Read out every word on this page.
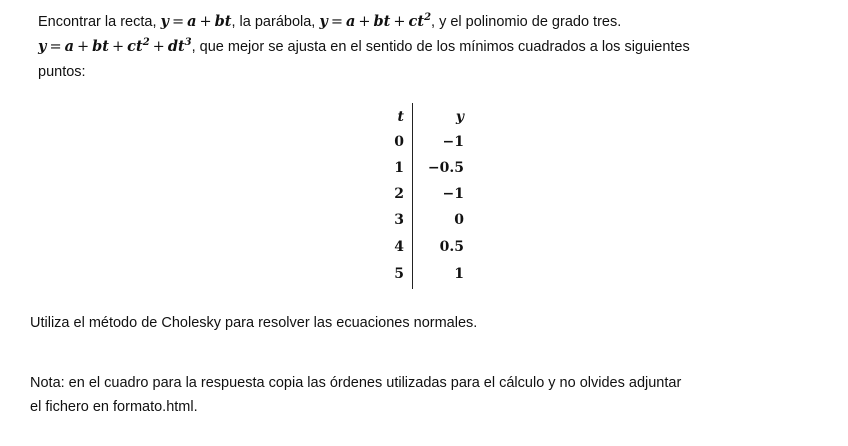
Encontrar la recta, y = a + bt, la parábola, y = a + bt + $ct^2$, y el polinomio de grado tres.
y = a + bt + $ct^2 + dt^3$, que mejor se ajusta en el sentido de los mínimos cuadrados a los siguientes
puntos:
t	y
0	−1
1	−0.5
2	−1
3	0
4	0.5
5	1
Utiliza el método de Cholesky para resolver las ecuaciones normales.
Nota: en el cuadro para la respuesta copia las órdenes utilizadas para el cálculo y no olvides adjuntar
el fichero en formato.html.
